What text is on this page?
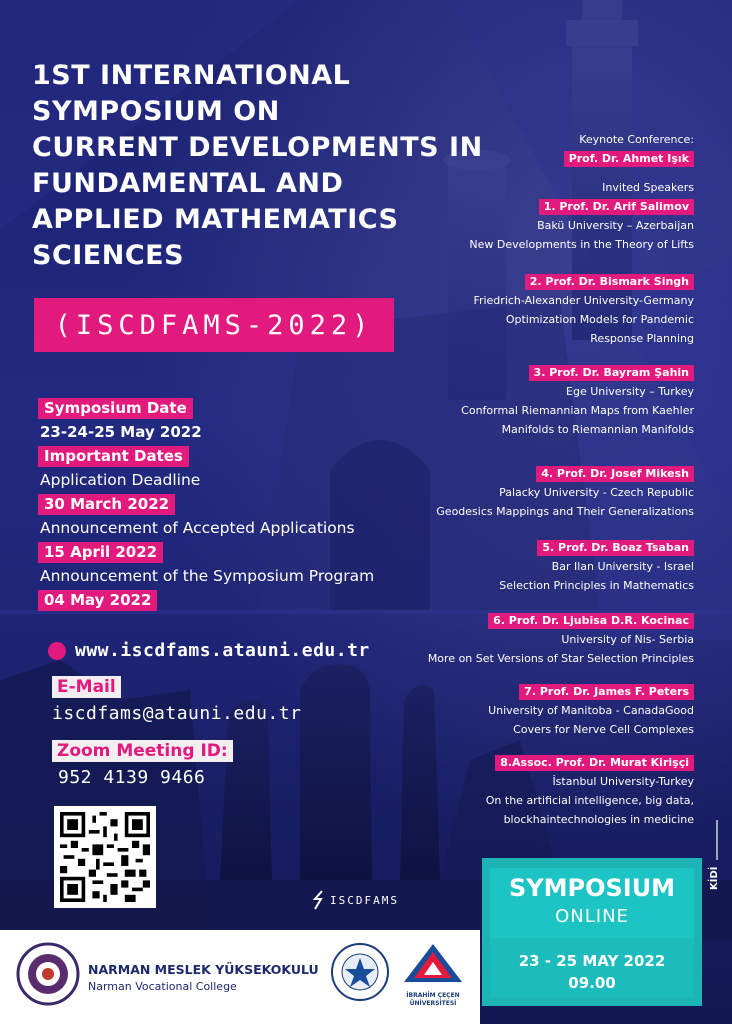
1ST INTERNATIONAL
SYMPOSIUM ON
CURRENT DEVELOPMENTS IN
FUNDAMENTAL AND
APPLIED MATHEMATICS
SCIENCES
(ISCDFAMS-2022)
Symposium Date
23-24-25 May 2022
Important Dates
Application Deadline
30 March 2022
Announcement of Accepted Applications
15 April 2022
Announcement of the Symposium Program
04 May 2022
Keynote Conference:
Prof. Dr. Ahmet Işık
Invited Speakers
1. Prof. Dr. Arif Salimov
Bakü University – Azerbaijan
New Developments in the Theory of Lifts
2. Prof. Dr. Bismark Singh
Friedrich-Alexander University-Germany
Optimization Models for Pandemic
Response Planning
3. Prof. Dr. Bayram Şahin
Ege University – Turkey
Conformal Riemannian Maps from Kaehler
Manifolds to Riemannian Manifolds
4. Prof. Dr. Josef Mikesh
Palacky University - Czech Republic
Geodesics Mappings and Their Generalizations
5. Prof. Dr. Boaz Tsaban
Bar Ilan University - Israel
Selection Principles in Mathematics
6. Prof. Dr. Ljubisa D.R. Kocinac
University of Nis- Serbia
More on Set Versions of Star Selection Principles
7. Prof. Dr. James F. Peters
University of Manitoba - CanadaGood
Covers for Nerve Cell Complexes
8.Assoc. Prof. Dr. Murat Kirişçi
İstanbul University-Turkey
On the artificial intelligence, big data,
blockhaintechnologies in medicine
www.iscdfams.atauni.edu.tr
E-Mail
iscdfams@atauni.edu.tr
Zoom Meeting ID:
952 4139 9466
ISCDFAMS	SYMPOSIUM
ONLINE
23 - 25 MAY 2022
09.00
KİDİ
NARMAN MESLEK YÜKSEKOKULU
Narman Vocational College
İBRAHİM ÇEÇEN ÜNİVERSİTESİ
